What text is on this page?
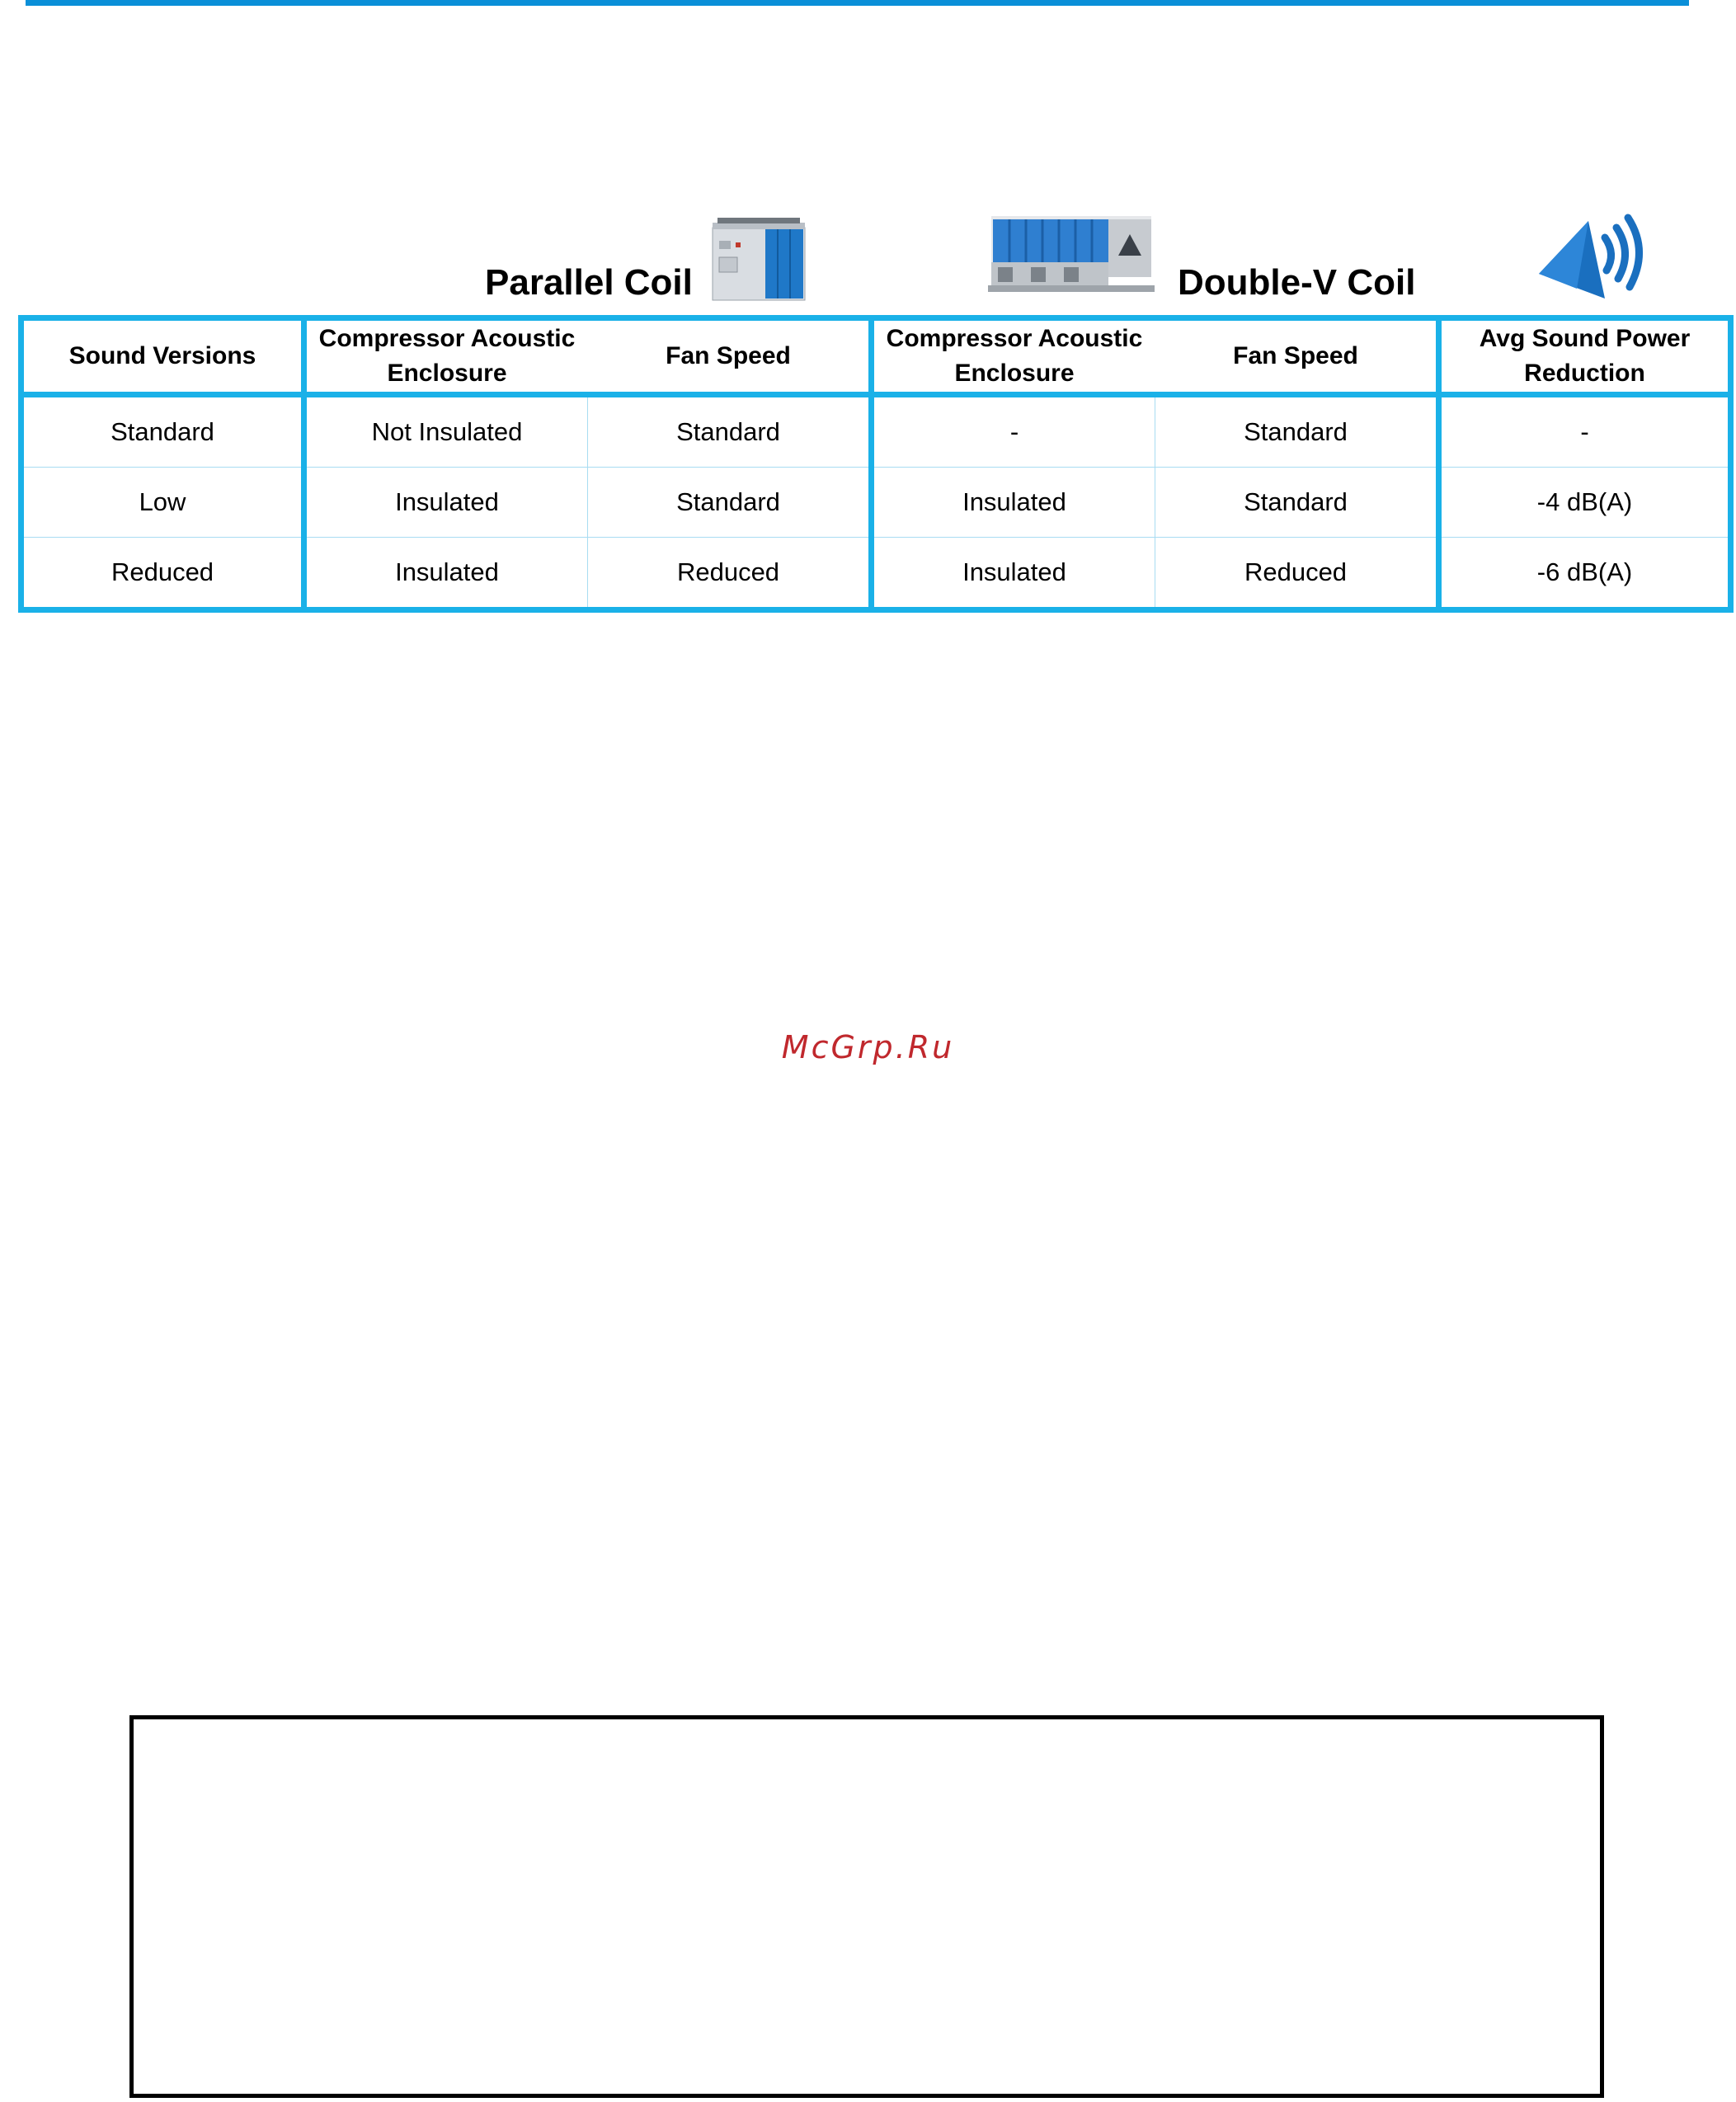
Parallel Coil	Double-V Coil
Sound Versions	Compressor Acoustic Enclosure	Fan Speed	Compressor Acoustic Enclosure	Fan Speed	Avg Sound Power Reduction
Standard	Not Insulated	Standard	-	Standard	-
Low	Insulated	Standard	Insulated	Standard	-4 dB(A)
Reduced	Insulated	Reduced	Insulated	Reduced	-6 dB(A)
McGrp.Ru
